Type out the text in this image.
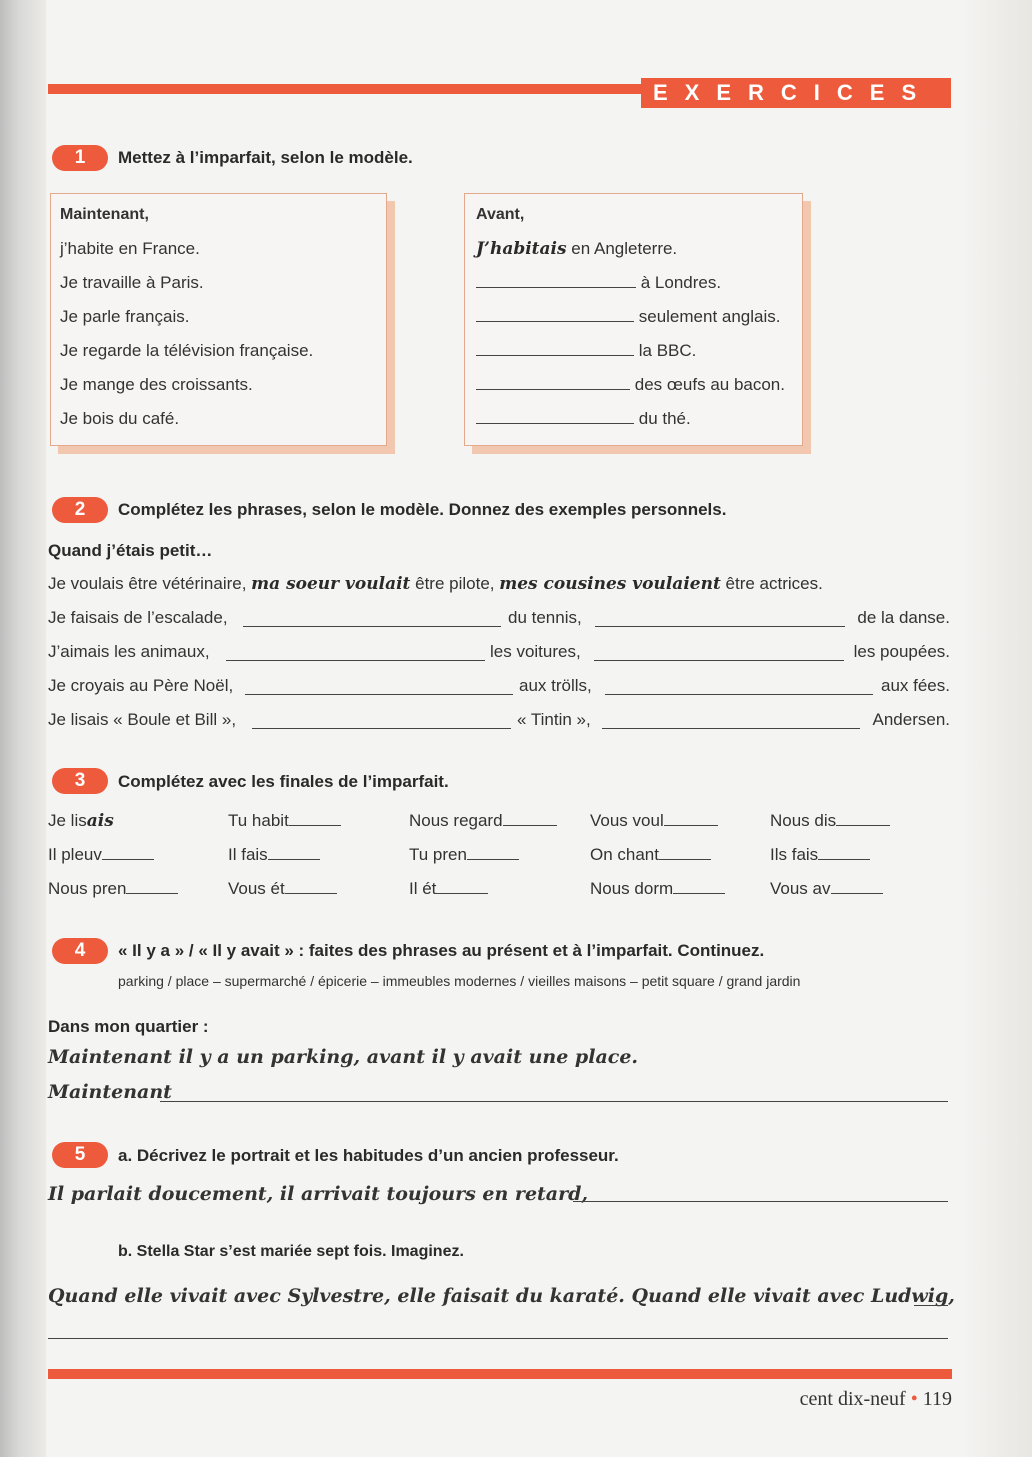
EXERCICES
1	Mettez à l’imparfait, selon le modèle.
Maintenant,
j’habite en France.
Je travaille à Paris.
Je parle français.
Je regarde la télévision française.
Je mange des croissants.
Je bois du café.
Avant,
J’habitais en Angleterre.
à Londres.
seulement anglais.
la BBC.
des œufs au bacon.
du thé.
2	Complétez les phrases, selon le modèle. Donnez des exemples personnels.
Quand j’étais petit…
Je voulais être vétérinaire, ma soeur voulait être pilote, mes cousines voulaient être actrices.
Je faisais de l’escalade,	du tennis,	de la danse.
J’aimais les animaux,	les voitures,	les poupées.
Je croyais au Père Noël,	aux trölls,	aux fées.
Je lisais « Boule et Bill »,	« Tintin »,	Andersen.
3	Complétez avec les finales de l’imparfait.
Je lisais	Tu habit	Nous regard	Vous voul	Nous dis
Il pleuv	Il fais	Tu pren	On chant	Ils fais
Nous pren	Vous ét	Il ét	Nous dorm	Vous av
4	« Il y a » / « Il y avait » : faites des phrases au présent et à l’imparfait. Continuez.
parking / place – supermarché / épicerie – immeubles modernes / vieilles maisons – petit square / grand jardin
Dans mon quartier :
Maintenant il y a un parking, avant il y avait une place.
Maintenant
5	a. Décrivez le portrait et les habitudes d’un ancien professeur.
Il parlait doucement, il arrivait toujours en retard,
b. Stella Star s’est mariée sept fois. Imaginez.
Quand elle vivait avec Sylvestre, elle faisait du karaté. Quand elle vivait avec Ludwig,
cent dix-neuf • 119
